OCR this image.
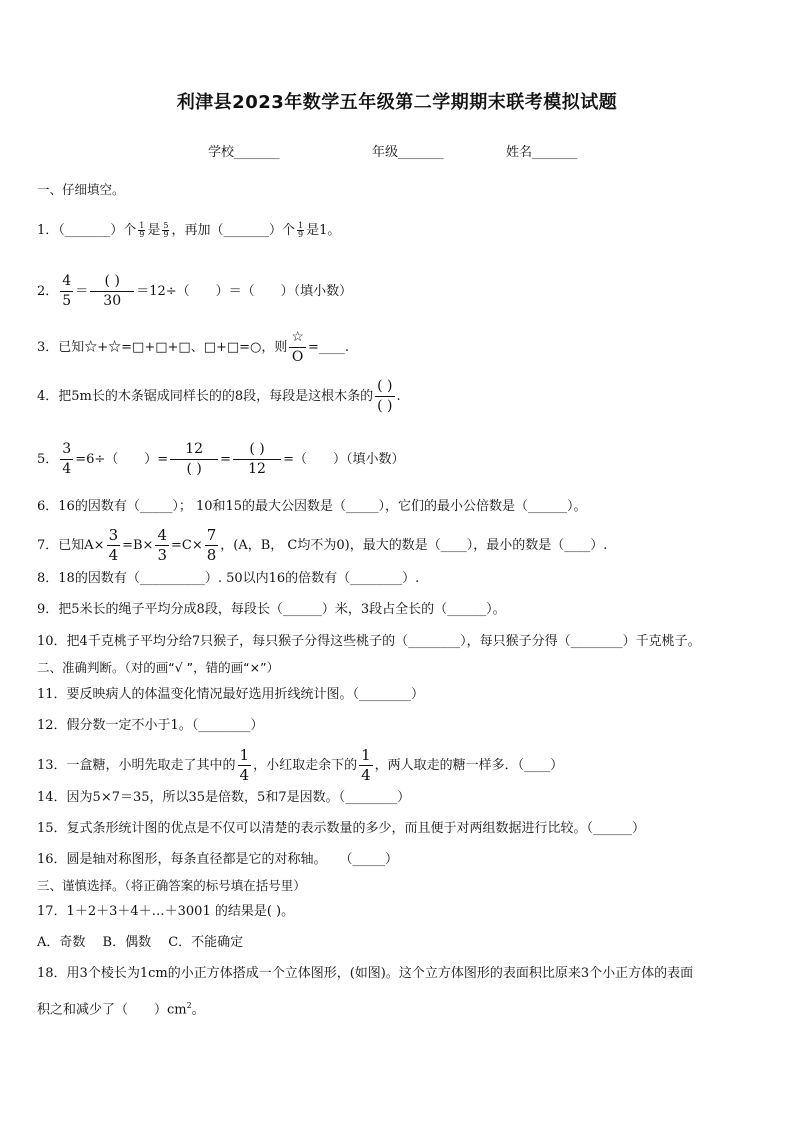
利津县2023年数学五年级第二学期期末联考模拟试题
学校_______	年级_______	姓名_______
一、仔细填空。
1．（_______）个 $\frac{1}{9}$ 是 $\frac{5}{9}$ ，再加（_______）个 $\frac{1}{9}$ 是1。
2． $\frac{4}{5}$ ＝
( )
30
＝12÷（　　）＝（　　）（填小数）
3．已知☆+☆=□+□+□、□+□=○，则
☆
O
=____.
4．把5m长的木条锯成同样长的的8段，每段是这根木条的
( )
( )
.
5． $\frac{3}{4} =6\div$（　　）=
12
( )
=
( )
12
=（　　）（填小数）
6．16的因数有（_____）； 10和15的最大公因数是（_____），它们的最小公倍数是（______）。
7．已知$A\times \frac{3}{4} =B\times \frac{4}{3} =C\times \frac{7}{8}$ ，(A，B， C均不为0)，最大的数是（____），最小的数是（____）.
8．18的因数有（__________）. 50以内16的倍数有（________）.
9．把5米长的绳子平均分成8段，每段长（______）米，3段占全长的（______）。
10．把4千克桃子平均分给7只猴子，每只猴子分得这些桃子的（________），每只猴子分得（________）千克桃子。
二、准确判断。（对的画“√ ”，错的画“×”）
11．要反映病人的体温变化情况最好选用折线统计图。（________）
12．假分数一定不小于1。（________）
13．一盒糖，小明先取走了其中的 $\frac{1}{4}$ ，小红取走余下的 $\frac{1}{4}$ ，两人取走的糖一样多．（____）
14．因为5×7＝35，所以35是倍数，5和7是因数。（________）
15．复式条形统计图的优点是不仅可以清楚的表示数量的多少，而且便于对两组数据进行比较。（______）
16．圆是轴对称图形，每条直径都是它的对称轴。　　（_____）
三、谨慎选择。（将正确答案的标号填在括号里）
17．1＋2＋3＋4＋…＋3001 的结果是( )。
A．奇数　 B．偶数　 C．不能确定
18．用3个棱长为1cm的小正方体搭成一个立体图形，(如图)。这个立方体图形的表面积比原来3个小正方体的表面
积之和减少了（　　）$cm^2$。
